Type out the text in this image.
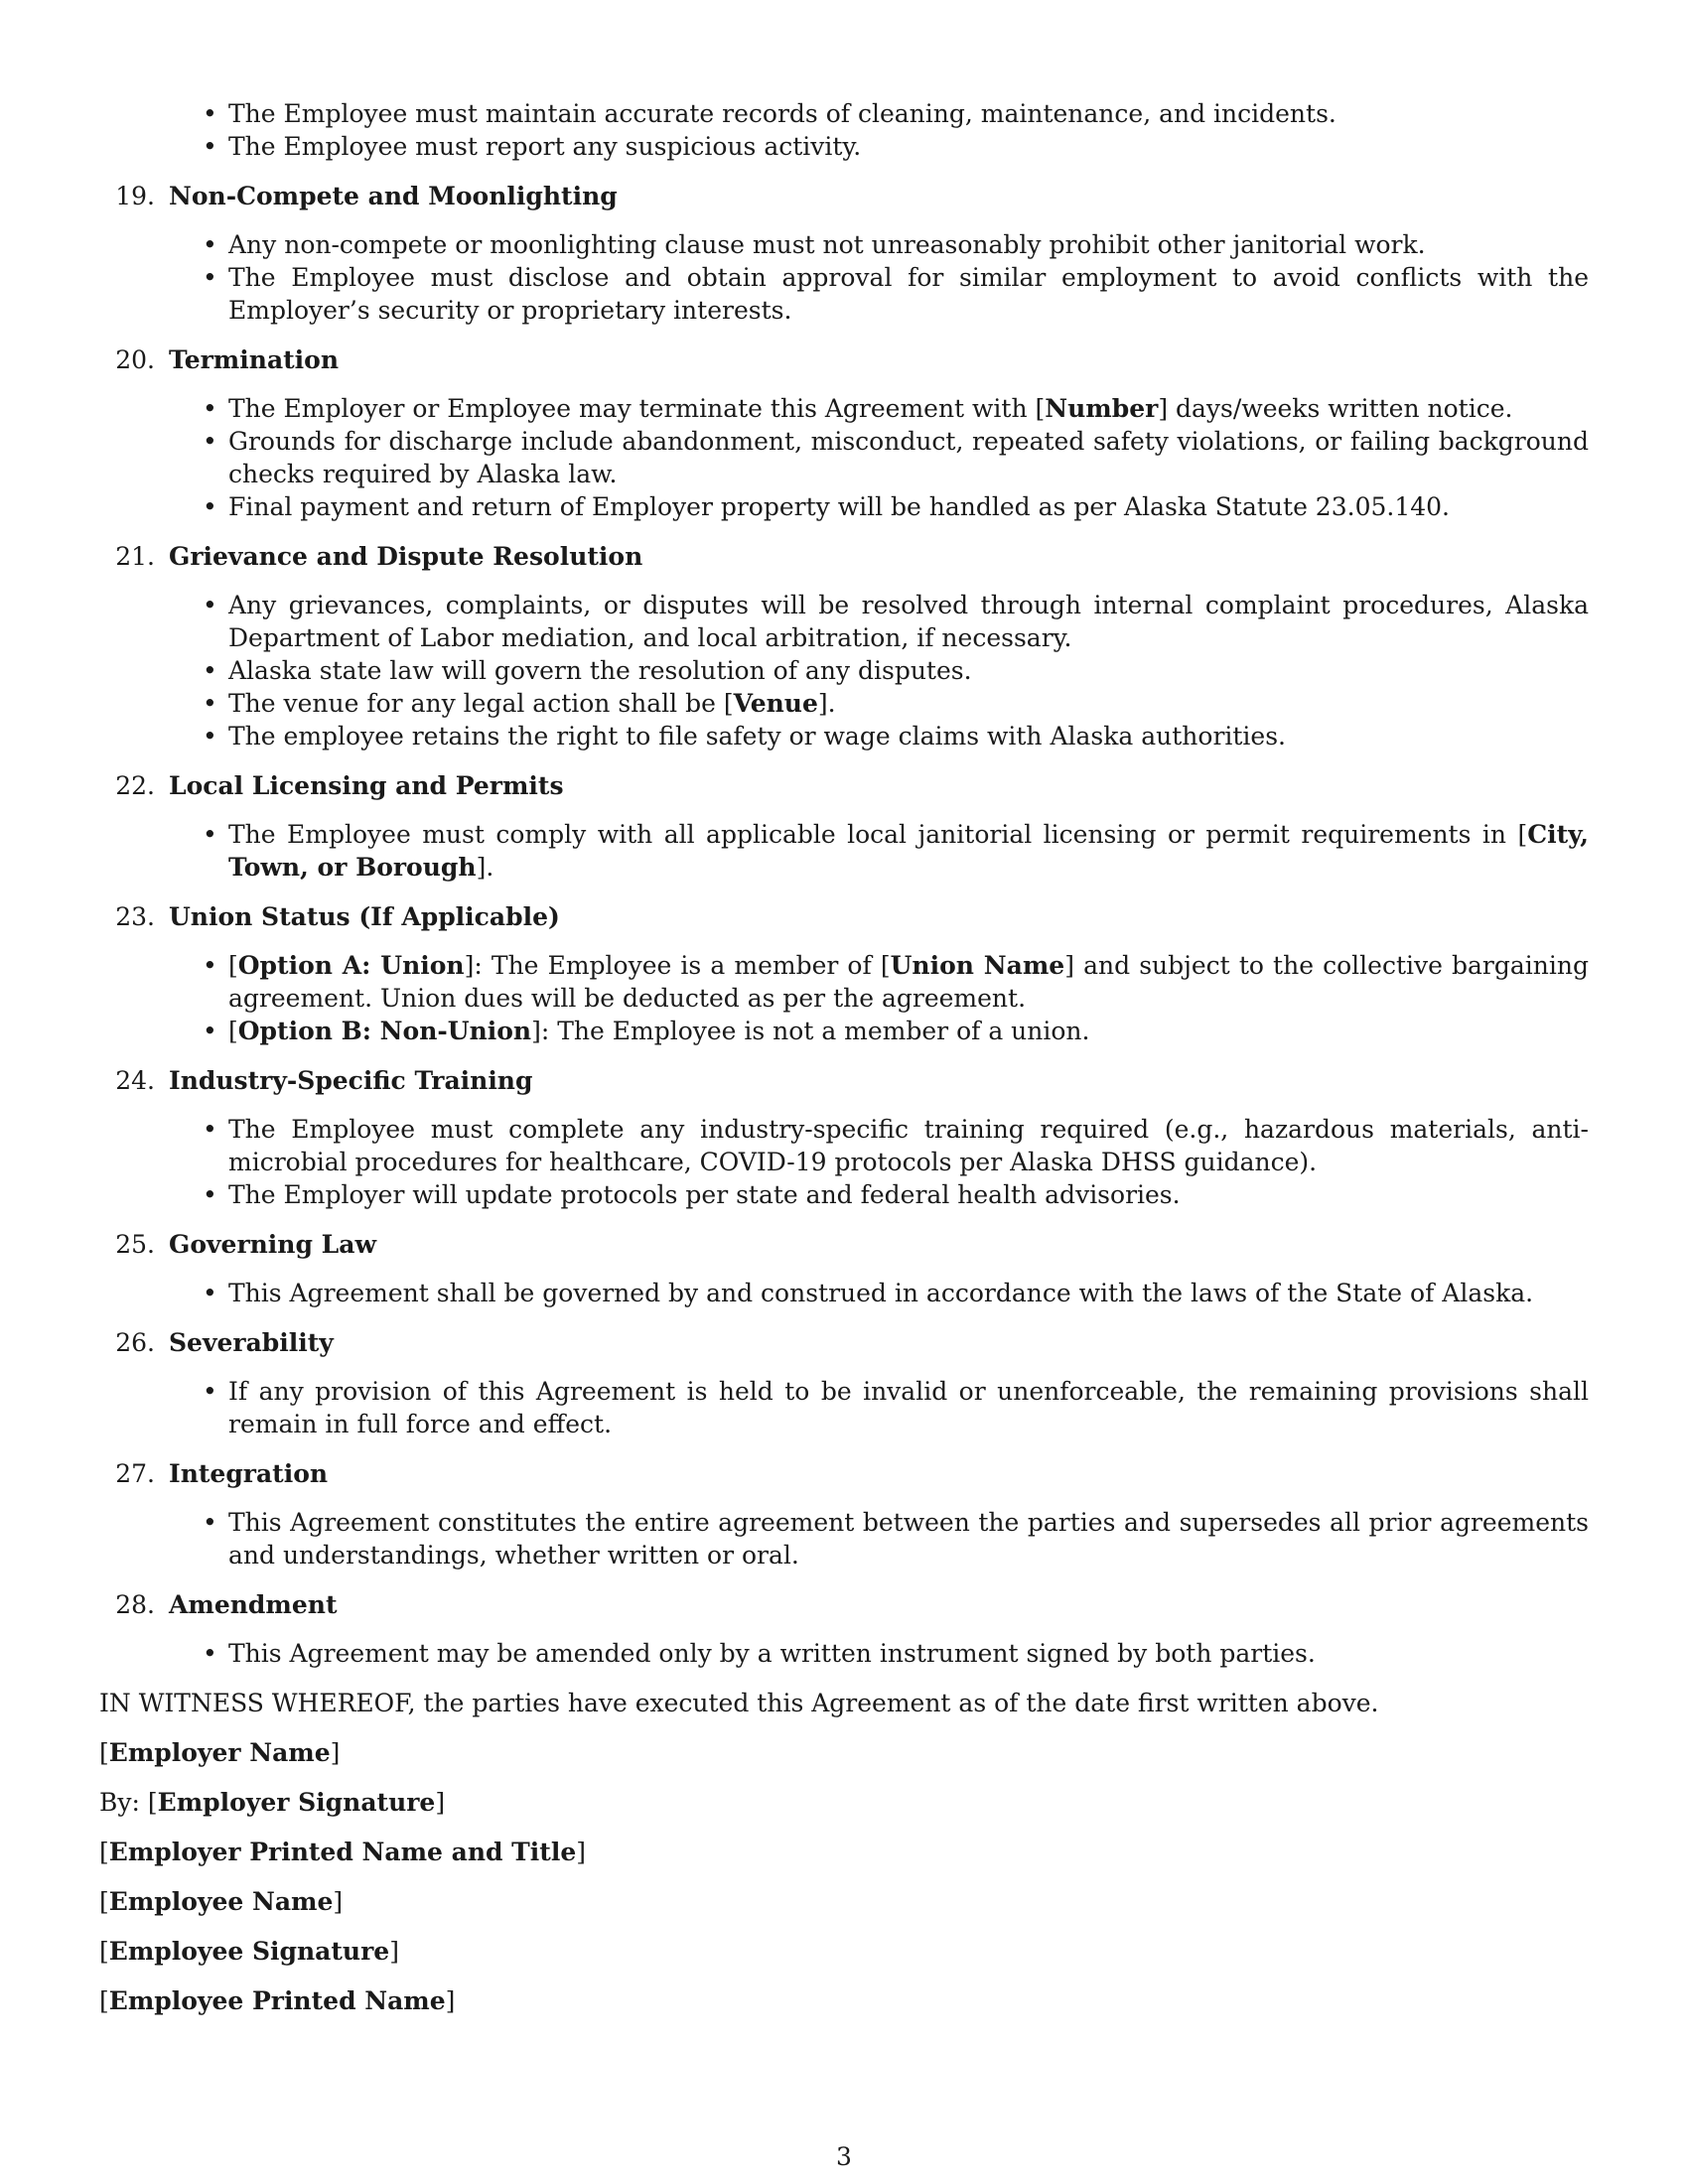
• The Employee must maintain accurate records of cleaning, maintenance, and incidents.
• The Employee must report any suspicious activity.
19. Non-Compete and Moonlighting
• Any non-compete or moonlighting clause must not unreasonably prohibit other janitorial work.
• The Employee must disclose and obtain approval for similar employment to avoid conflicts with the Employer’s security or proprietary interests.
20. Termination
• The Employer or Employee may terminate this Agreement with [Number] days/weeks written notice.
• Grounds for discharge include abandonment, misconduct, repeated safety violations, or failing background checks required by Alaska law.
• Final payment and return of Employer property will be handled as per Alaska Statute 23.05.140.
21. Grievance and Dispute Resolution
• Any grievances, complaints, or disputes will be resolved through internal complaint procedures, Alaska Department of Labor mediation, and local arbitration, if necessary.
• Alaska state law will govern the resolution of any disputes.
• The venue for any legal action shall be [Venue].
• The employee retains the right to file safety or wage claims with Alaska authorities.
22. Local Licensing and Permits
• The Employee must comply with all applicable local janitorial licensing or permit requirements in [City, Town, or Borough].
23. Union Status (If Applicable)
• [Option A: Union]: The Employee is a member of [Union Name] and subject to the collective bargaining agreement. Union dues will be deducted as per the agreement.
• [Option B: Non-Union]: The Employee is not a member of a union.
24. Industry-Specific Training
• The Employee must complete any industry-specific training required (e.g., hazardous materials, anti-microbial procedures for healthcare, COVID-19 protocols per Alaska DHSS guidance).
• The Employer will update protocols per state and federal health advisories.
25. Governing Law
• This Agreement shall be governed by and construed in accordance with the laws of the State of Alaska.
26. Severability
• If any provision of this Agreement is held to be invalid or unenforceable, the remaining provisions shall remain in full force and effect.
27. Integration
• This Agreement constitutes the entire agreement between the parties and supersedes all prior agreements and understandings, whether written or oral.
28. Amendment
• This Agreement may be amended only by a written instrument signed by both parties.

IN WITNESS WHEREOF, the parties have executed this Agreement as of the date first written above.

[Employer Name]
By: [Employer Signature]
[Employer Printed Name and Title]
[Employee Name]
[Employee Signature]
[Employee Printed Name]
3
